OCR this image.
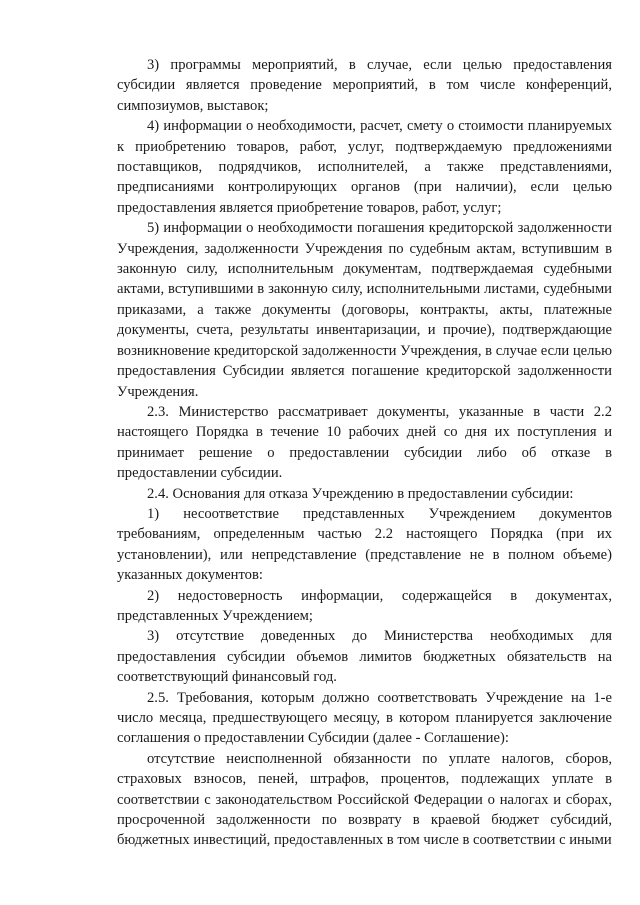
3) программы мероприятий, в случае, если целью предоставления субсидии является проведение мероприятий, в том числе конференций, симпозиумов, выставок;

4) информации о необходимости, расчет, смету о стоимости планируемых к приобретению товаров, работ, услуг, подтверждаемую предложениями поставщиков, подрядчиков, исполнителей, а также представлениями, предписаниями контролирующих органов (при наличии), если целью предоставления является приобретение товаров, работ, услуг;

5) информации о необходимости погашения кредиторской задолженности Учреждения, задолженности Учреждения по судебным актам, вступившим в законную силу, исполнительным документам, подтверждаемая судебными актами, вступившими в законную силу, исполнительными листами, судебными приказами, а также документы (договоры, контракты, акты, платежные документы, счета, результаты инвентаризации, и прочие), подтверждающие возникновение кредиторской задолженности Учреждения, в случае если целью предоставления Субсидии является погашение кредиторской задолженности Учреждения.

2.3. Министерство рассматривает документы, указанные в части 2.2 настоящего Порядка в течение 10 рабочих дней со дня их поступления и принимает решение о предоставлении субсидии либо об отказе в предоставлении субсидии.

2.4. Основания для отказа Учреждению в предоставлении субсидии:

1) несоответствие представленных Учреждением документов требованиям, определенным частью 2.2 настоящего Порядка (при их установлении), или непредставление (представление не в полном объеме) указанных документов:

2) недостоверность информации, содержащейся в документах, представленных Учреждением;

3) отсутствие доведенных до Министерства необходимых для предоставления субсидии объемов лимитов бюджетных обязательств на соответствующий финансовый год.

2.5. Требования, которым должно соответствовать Учреждение на 1-е число месяца, предшествующего месяцу, в котором планируется заключение соглашения о предоставлении Субсидии (далее - Соглашение):

отсутствие неисполненной обязанности по уплате налогов, сборов, страховых взносов, пеней, штрафов, процентов, подлежащих уплате в соответствии с законодательством Российской Федерации о налогах и сборах, просроченной задолженности по возврату в краевой бюджет субсидий, бюджетных инвестиций, предоставленных в том числе в соответствии с иными
